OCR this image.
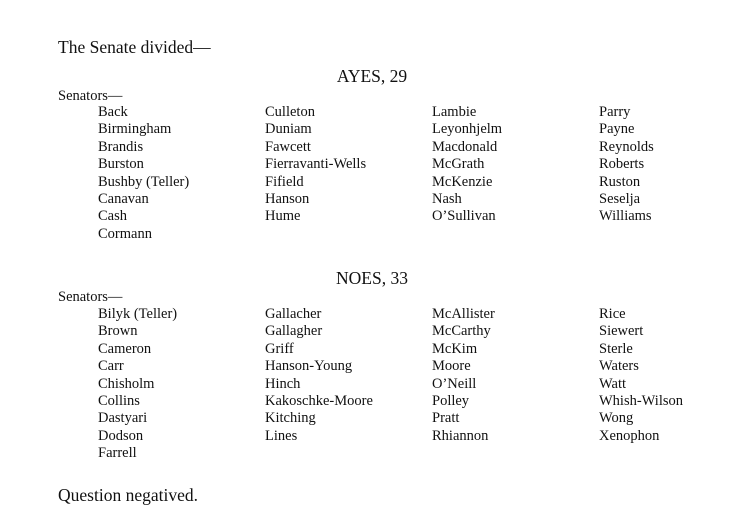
The Senate divided—
AYES, 29
Senators—
Back
Birmingham
Brandis
Burston
Bushby (Teller)
Canavan
Cash
Cormann
Culleton
Duniam
Fawcett
Fierravanti-Wells
Fifield
Hanson
Hume
Lambie
Leyonhjelm
Macdonald
McGrath
McKenzie
Nash
O’Sullivan
Parry
Payne
Reynolds
Roberts
Ruston
Seselja
Williams
NOES, 33
Senators—
Bilyk (Teller)
Brown
Cameron
Carr
Chisholm
Collins
Dastyari
Dodson
Farrell
Gallacher
Gallagher
Griff
Hanson-Young
Hinch
Kakoschke-Moore
Kitching
Lines
McAllister
McCarthy
McKim
Moore
O’Neill
Polley
Pratt
Rhiannon
Rice
Siewert
Sterle
Waters
Watt
Whish-Wilson
Wong
Xenophon
Question negatived.
